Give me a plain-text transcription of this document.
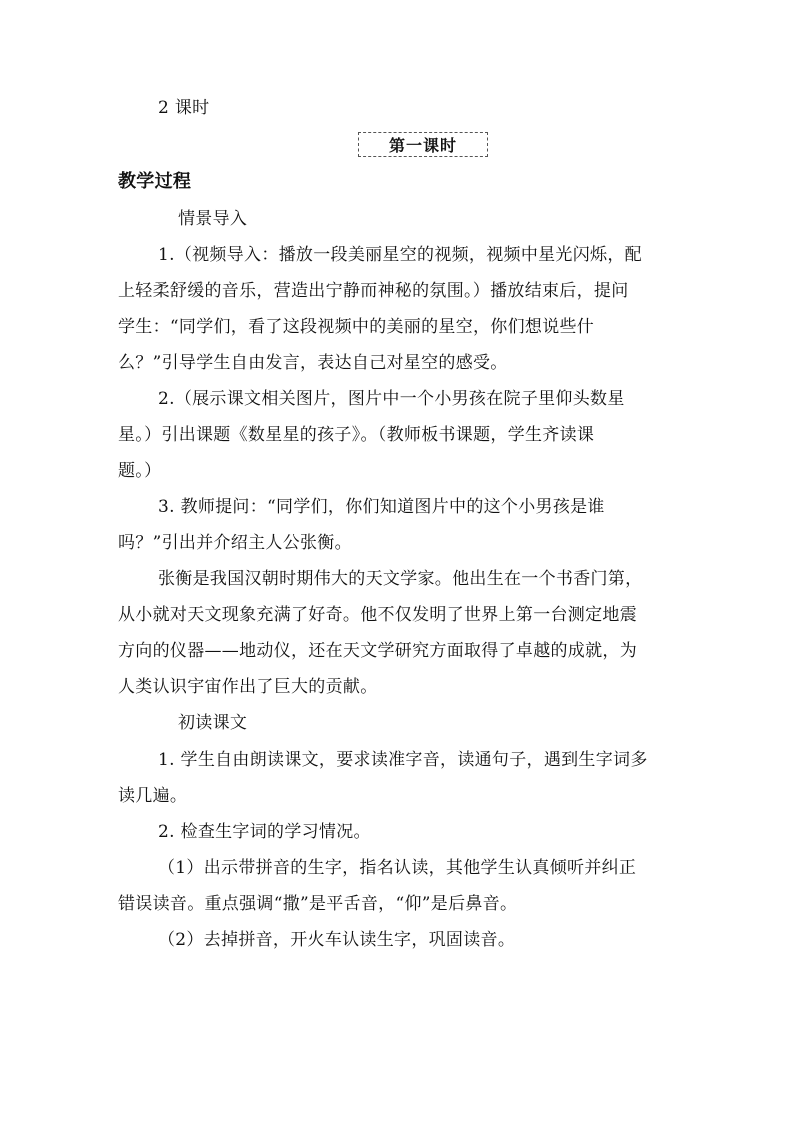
2 课时
第一课时
教学过程
情景导入
1.（视频导入：播放一段美丽星空的视频，视频中星光闪烁，配
上轻柔舒缓的音乐，营造出宁静而神秘的氛围。）播放结束后，提问
学生：“同学们，看了这段视频中的美丽的星空，你们想说些什
么？”引导学生自由发言，表达自己对星空的感受。
2.（展示课文相关图片，图片中一个小男孩在院子里仰头数星
星。）引出课题《数星星的孩子》。（教师板书课题，学生齐读课
题。）
3. 教师提问：“同学们，你们知道图片中的这个小男孩是谁
吗？”引出并介绍主人公张衡。
张衡是我国汉朝时期伟大的天文学家。他出生在一个书香门第，
从小就对天文现象充满了好奇。他不仅发明了世界上第一台测定地震
方向的仪器——地动仪，还在天文学研究方面取得了卓越的成就，为
人类认识宇宙作出了巨大的贡献。
初读课文
1. 学生自由朗读课文，要求读准字音，读通句子，遇到生字词多
读几遍。
2. 检查生字词的学习情况。
（1）出示带拼音的生字，指名认读，其他学生认真倾听并纠正
错误读音。重点强调“撒”是平舌音，“仰”是后鼻音。
（2）去掉拼音，开火车认读生字，巩固读音。
